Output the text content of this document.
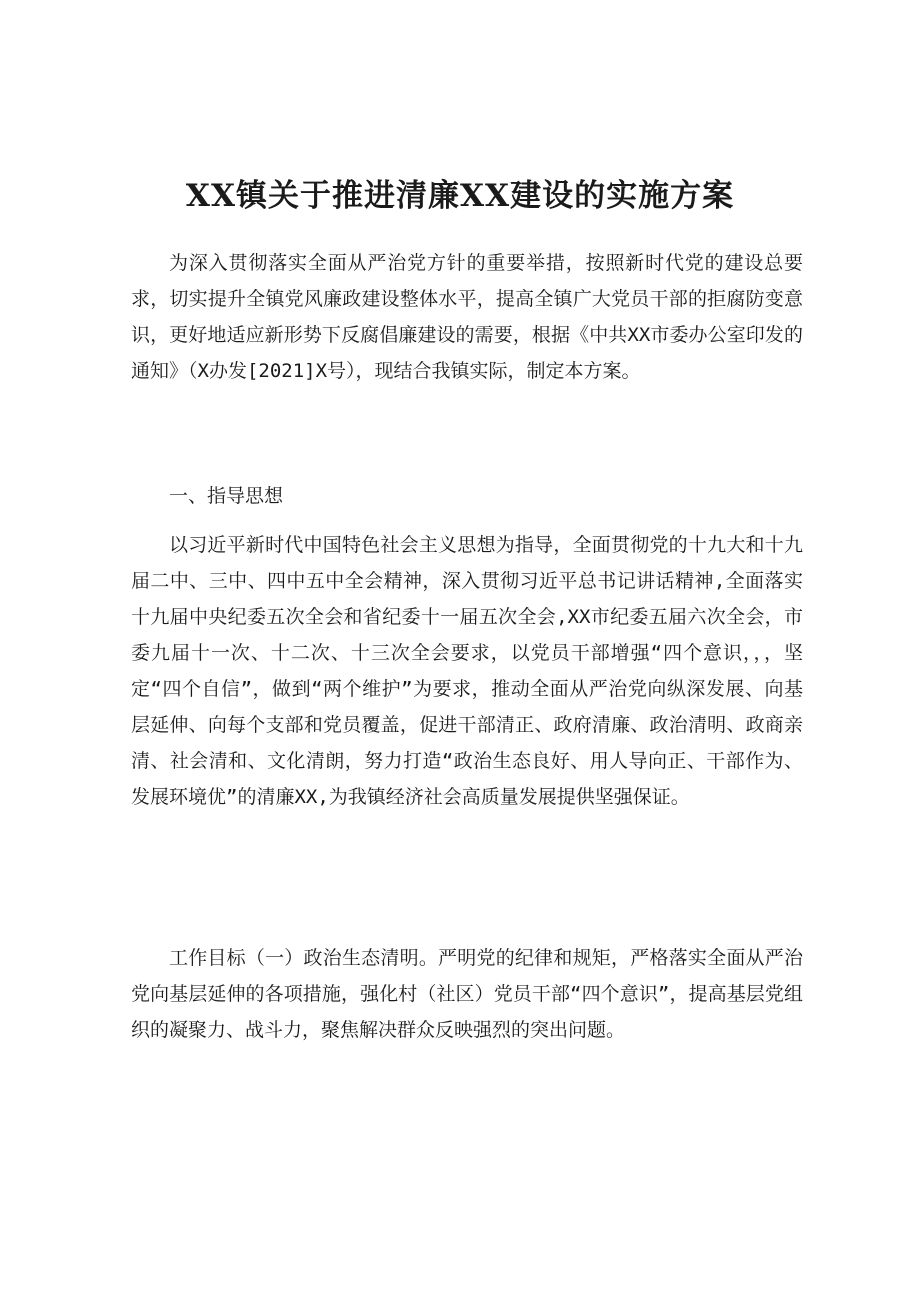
XX镇关于推进清廉XX建设的实施方案

为深入贯彻落实全面从严治党方针的重要举措，按照新时代党的建设总要求，切实提升全镇党风廉政建设整体水平，提高全镇广大党员干部的拒腐防变意识，更好地适应新形势下反腐倡廉建设的需要，根据《中共XX市委办公室印发的通知》（X办发[2021]X号），现结合我镇实际，制定本方案。

一、指导思想

以习近平新时代中国特色社会主义思想为指导，全面贯彻党的十九大和十九届二中、三中、四中五中全会精神，深入贯彻习近平总书记讲话精神,全面落实十九届中央纪委五次全会和省纪委十一届五次全会,XX市纪委五届六次全会，市委九届十一次、十二次、十三次全会要求，以党员干部增强“四个意识，，，坚定“四个自信”，做到“两个维护”为要求，推动全面从严治党向纵深发展、向基层延伸、向每个支部和党员覆盖，促进干部清正、政府清廉、政治清明、政商亲清、社会清和、文化清朗，努力打造“政治生态良好、用人导向正、干部作为、发展环境优”的清廉XX,为我镇经济社会高质量发展提供坚强保证。

工作目标（一）政治生态清明。严明党的纪律和规矩，严格落实全面从严治党向基层延伸的各项措施，强化村（社区）党员干部“四个意识”，提高基层党组织的凝聚力、战斗力，聚焦解决群众反映强烈的突出问题。
